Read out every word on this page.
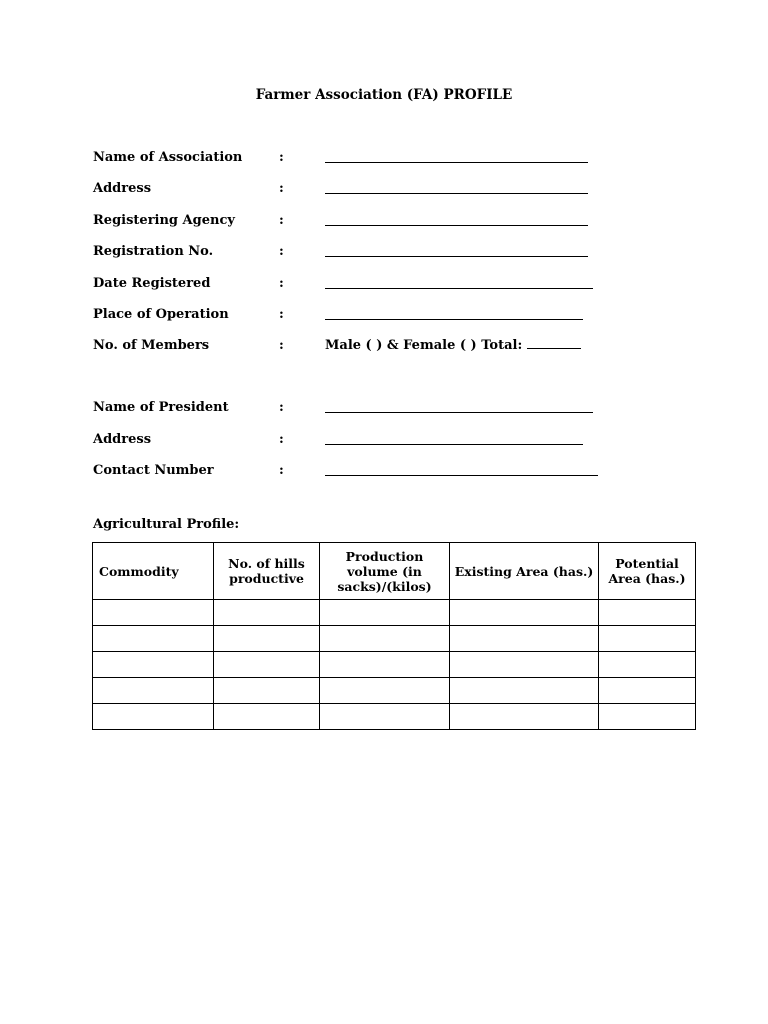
Farmer Association (FA) PROFILE
Name of Association	:
Address	:
Registering Agency	:
Registration No.	:
Date Registered	:
Place of Operation	:
No. of Members	:	Male ( ) & Female ( ) Total:
Name of President	:
Address	:
Contact Number	:
Agricultural Profile:
Commodity	No. of hills productive	Production volume (in sacks)/(kilos)	Existing Area (has.)	Potential Area (has.)
